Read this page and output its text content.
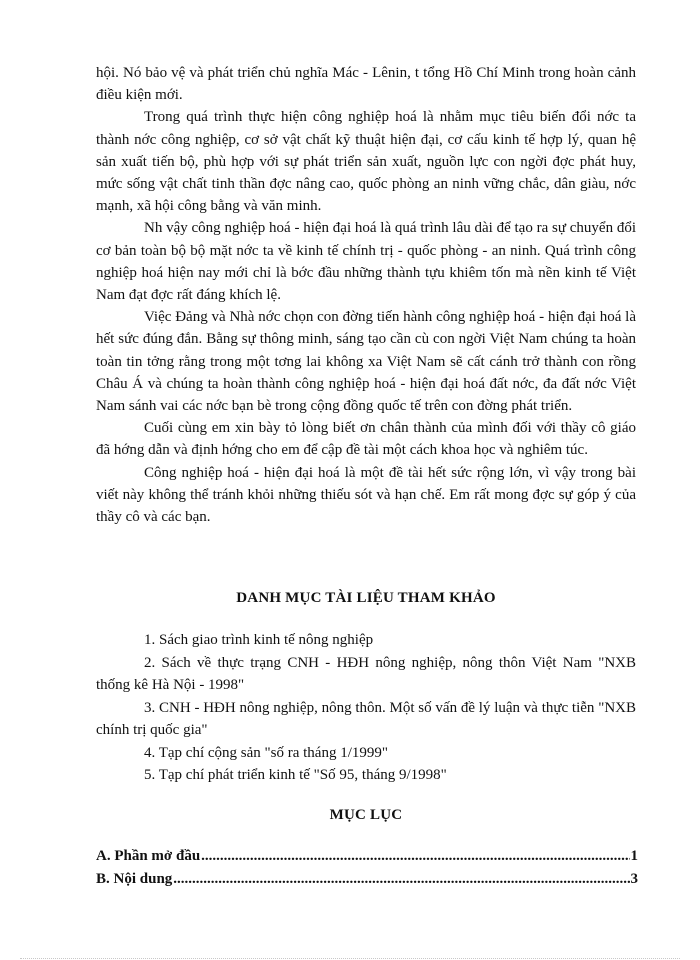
hội. Nó bảo vệ và phát triển chủ nghĩa Mác - Lênin, t tổng Hồ Chí Minh trong hoàn cảnh điều kiện mới.

Trong quá trình thực hiện công nghiệp hoá là nhằm mục tiêu biến đổi nớc ta thành nớc công nghiệp, cơ sở vật chất kỹ thuật hiện đại, cơ cấu kinh tế hợp lý, quan hệ sản xuất tiến bộ, phù hợp với sự phát triển sản xuất, nguồn lực con ngời đợc phát huy, mức sống vật chất tinh thần đợc nâng cao, quốc phòng an ninh vững chắc, dân giàu, nớc mạnh, xã hội công bằng và văn minh.

Nh vậy công nghiệp hoá - hiện đại hoá là quá trình lâu dài để tạo ra sự chuyển đổi cơ bản toàn bộ bộ mặt nớc ta về kinh tế chính trị - quốc phòng - an ninh. Quá trình công nghiệp hoá hiện nay mới chỉ là bớc đầu những thành tựu khiêm tốn mà nền kinh tế Việt Nam đạt đợc rất đáng khích lệ.

Việc Đảng và Nhà nớc chọn con đờng tiến hành công nghiệp hoá - hiện đại hoá là hết sức đúng đắn. Bằng sự thông minh, sáng tạo cần cù con ngời Việt Nam chúng ta hoàn toàn tin tởng rằng trong một tơng lai không xa Việt Nam sẽ cất cánh trở thành con rồng Châu Á và chúng ta hoàn thành công nghiệp hoá - hiện đại hoá đất nớc, đa đất nớc Việt Nam sánh vai các nớc bạn bè trong cộng đồng quốc tế trên con đờng phát triển.

Cuối cùng em xin bày tỏ lòng biết ơn chân thành của mình đối với thầy cô giáo đã hớng dẫn và định hớng cho em để cập đề tài một cách khoa học và nghiêm túc.

Công nghiệp hoá - hiện đại hoá là một đề tài hết sức rộng lớn, vì vậy trong bài viết này không thể tránh khỏi những thiếu sót và hạn chế. Em rất mong đợc sự góp ý của thầy cô và các bạn.

DANH MỤC TÀI LIỆU THAM KHẢO

1. Sách giao trình kinh tế nông nghiệp

2. Sách về thực trạng CNH - HĐH nông nghiệp, nông thôn Việt Nam "NXB thống kê Hà Nội - 1998"

3. CNH - HĐH nông nghiệp, nông thôn. Một số vấn đề lý luận và thực tiễn "NXB chính trị quốc gia"

4. Tạp chí cộng sản "số ra tháng 1/1999"

5. Tạp chí phát triển kinh tế "Số 95, tháng 9/1998"

MỤC LỤC
A. Phần mở đầu .....	1
B. Nội dung .....	3
